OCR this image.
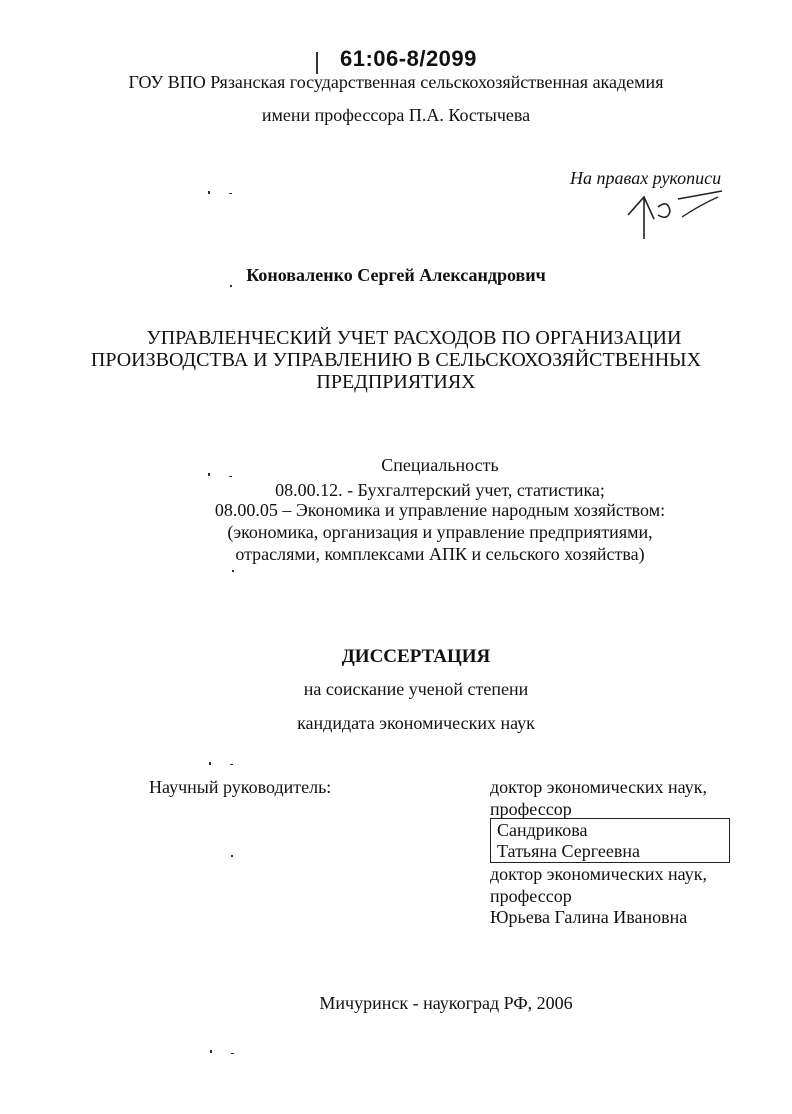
61:06-8/2099
ГОУ ВПО Рязанская государственная сельскохозяйственная академия
имени профессора П.А. Костычева
На правах рукописи
Коноваленко Сергей Александрович
УПРАВЛЕНЧЕСКИЙ УЧЕТ РАСХОДОВ ПО ОРГАНИЗАЦИИ
ПРОИЗВОДСТВА И УПРАВЛЕНИЮ В СЕЛЬСКОХОЗЯЙСТВЕННЫХ
ПРЕДПРИЯТИЯХ
Специальность
08.00.12. - Бухгалтерский учет, статистика;
08.00.05 – Экономика и управление народным хозяйством:
(экономика, организация и управление предприятиями,
отраслями, комплексами АПК и сельского хозяйства)
ДИССЕРТАЦИЯ
на соискание ученой степени
кандидата экономических наук
Научный руководитель:	доктор экономических наук,
профессор
Сандрикова
Татьяна Сергеевна
доктор экономических наук,
профессор
Юрьева Галина Ивановна
Мичуринск - наукоград РФ, 2006
